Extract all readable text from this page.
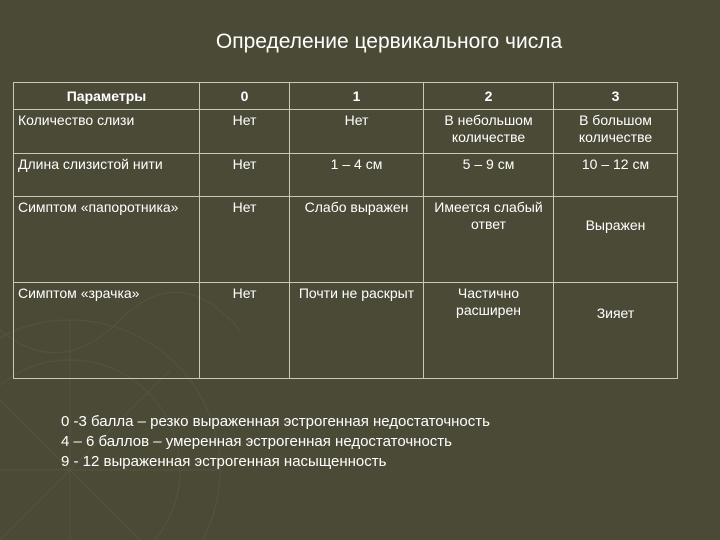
Определение цервикального числа
Параметры	0	1	2	3
Количество слизи	Нет	Нет	В небольшом количестве	В большом количестве
Длина слизистой нити	Нет	1 – 4 см	5 – 9 см	10 – 12 см
Симптом «папоротника»	Нет	Слабо выражен	Имеется слабый ответ	Выражен

Симптом «зрачка»	Нет	Почти не раскрыт	Частично расширен	Зияет
0 -3 балла – резко выраженная эстрогенная недостаточность
4 – 6 баллов – умеренная эстрогенная недостаточность
9 - 12 выраженная эстрогенная насыщенность
